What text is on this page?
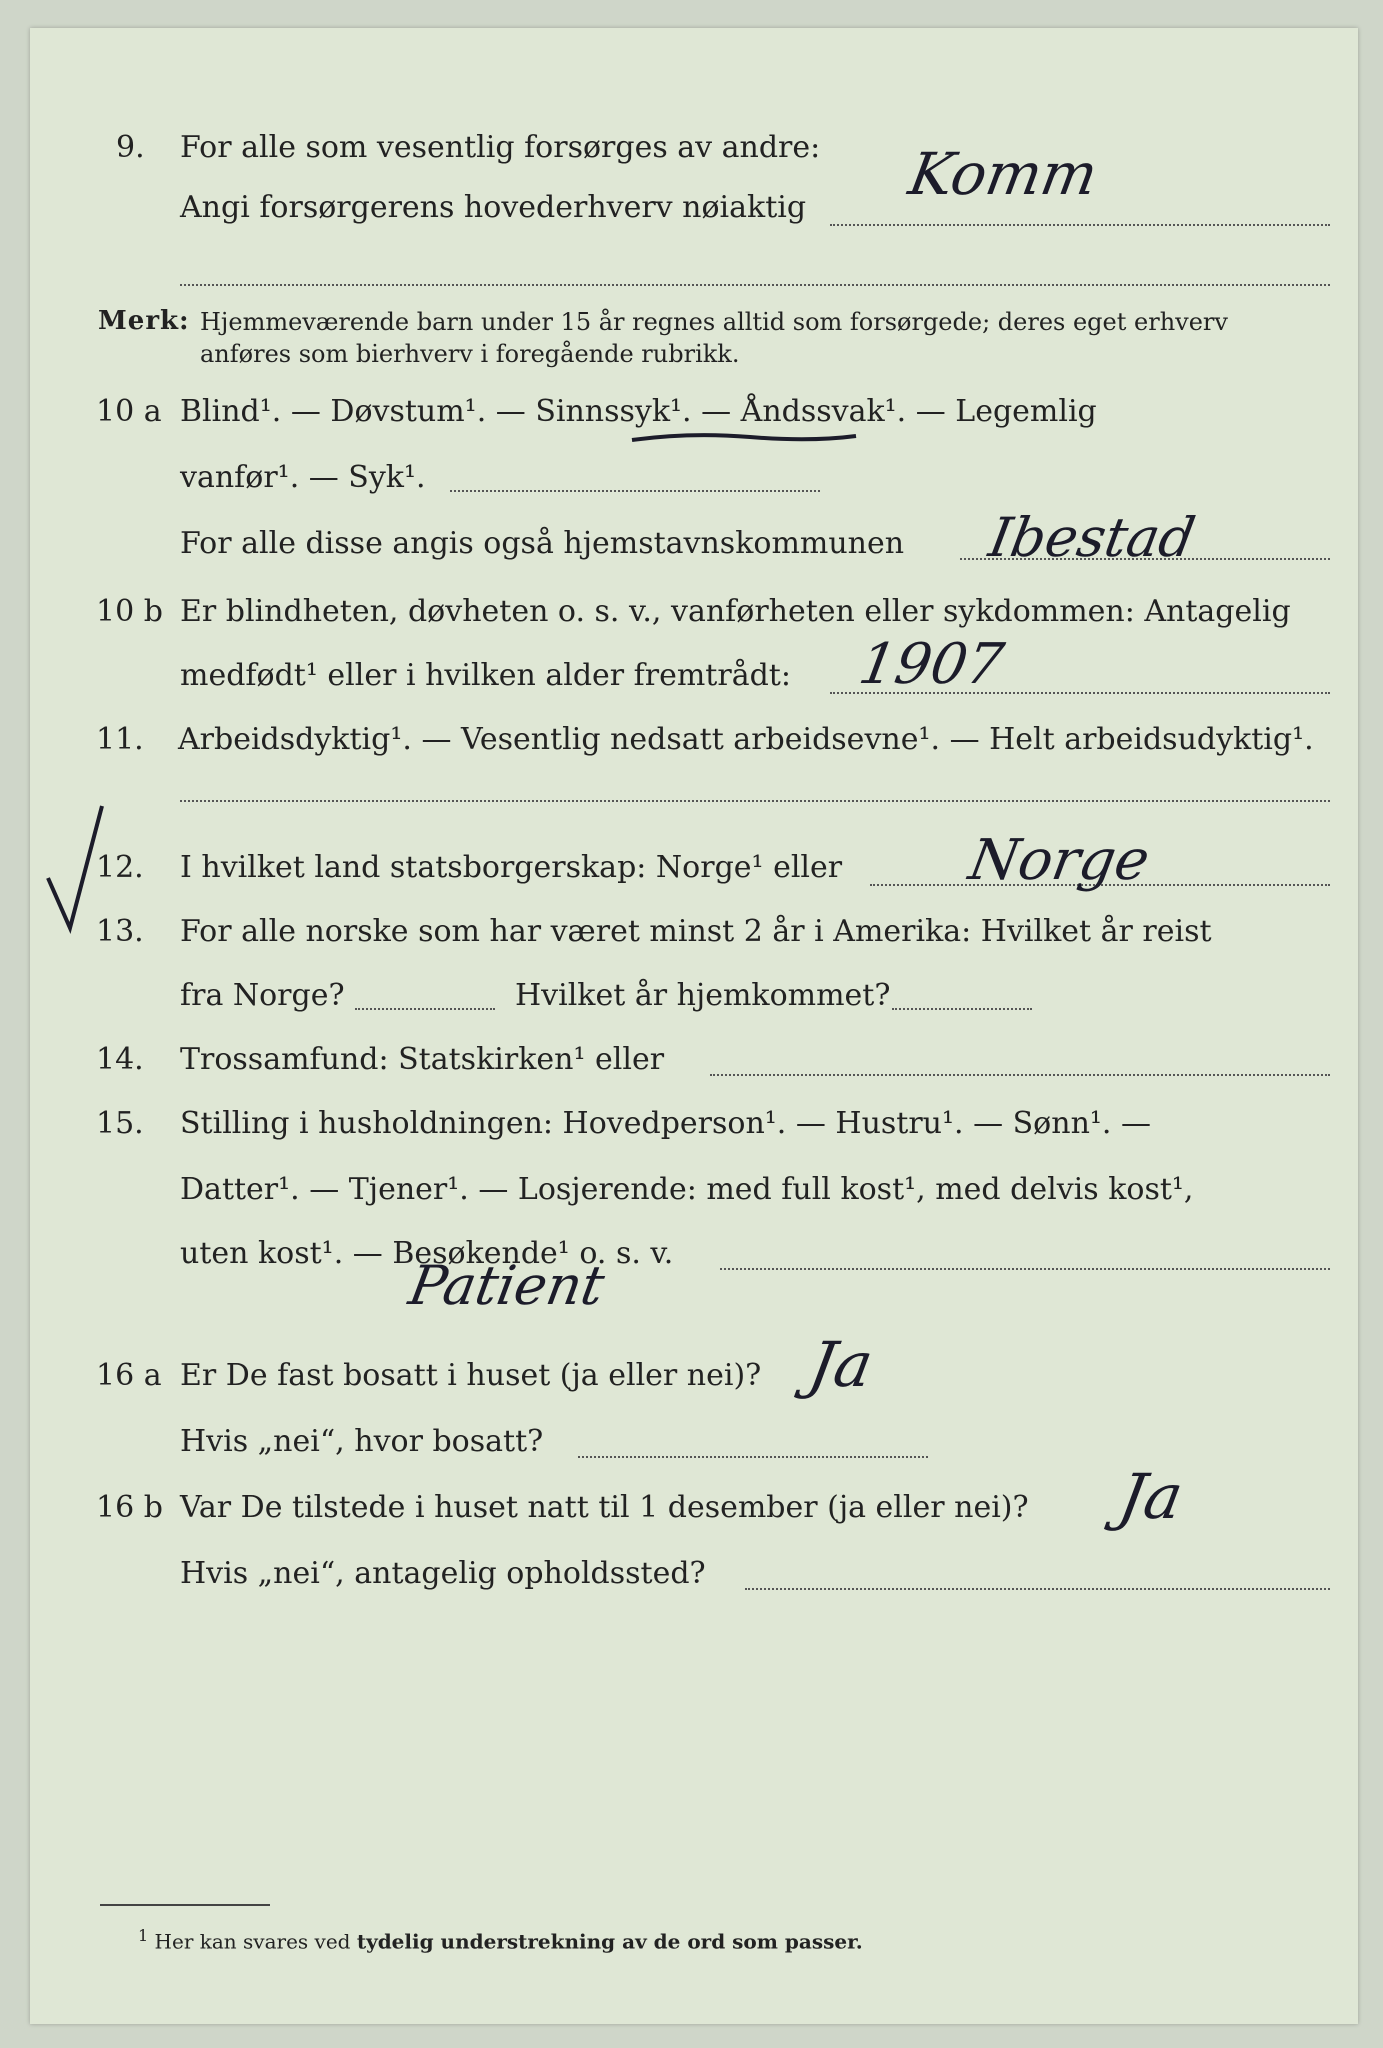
9. For alle som vesentlig forsørges av andre:
Angi forsørgerens hovederhverv nøiaktig Komm
Merk: Hjemmeværende barn under 15 år regnes alltid som forsørgede; deres eget erhverv
anføres som bierhverv i foregående rubrikk.
10 a Blind¹. — Døvstum¹. — Sinnssyk¹. — Åndssvak¹. — Legemlig
vanfør¹. — Syk¹.
For alle disse angis også hjemstavnskommunen Ibestad
10 b Er blindheten, døvheten o. s. v., vanførheten eller sykdommen: Antagelig
medfødt¹ eller i hvilken alder fremtrådt: 1907
11. Arbeidsdyktig¹. — Vesentlig nedsatt arbeidsevne¹. — Helt arbeidsudyktig¹.
12. I hvilket land statsborgerskap: Norge¹ eller Norge
13. For alle norske som har været minst 2 år i Amerika: Hvilket år reist
fra Norge?	Hvilket år hjemkommet?
14. Trossamfund: Statskirken¹ eller
15. Stilling i husholdningen: Hovedperson¹. — Hustru¹. — Sønn¹. —
Datter¹. — Tjener¹. — Losjerende: med full kost¹, med delvis kost¹,
uten kost¹. — Besøkende¹ o. s. v.
Patient
16 a Er De fast bosatt i huset (ja eller nei)? Ja
Hvis „nei“, hvor bosatt?
16 b Var De tilstede i huset natt til 1 desember (ja eller nei)? Ja
Hvis „nei“, antagelig opholdssted?
$^1$ Her kan svares ved tydelig understrekning av de ord som passer.
